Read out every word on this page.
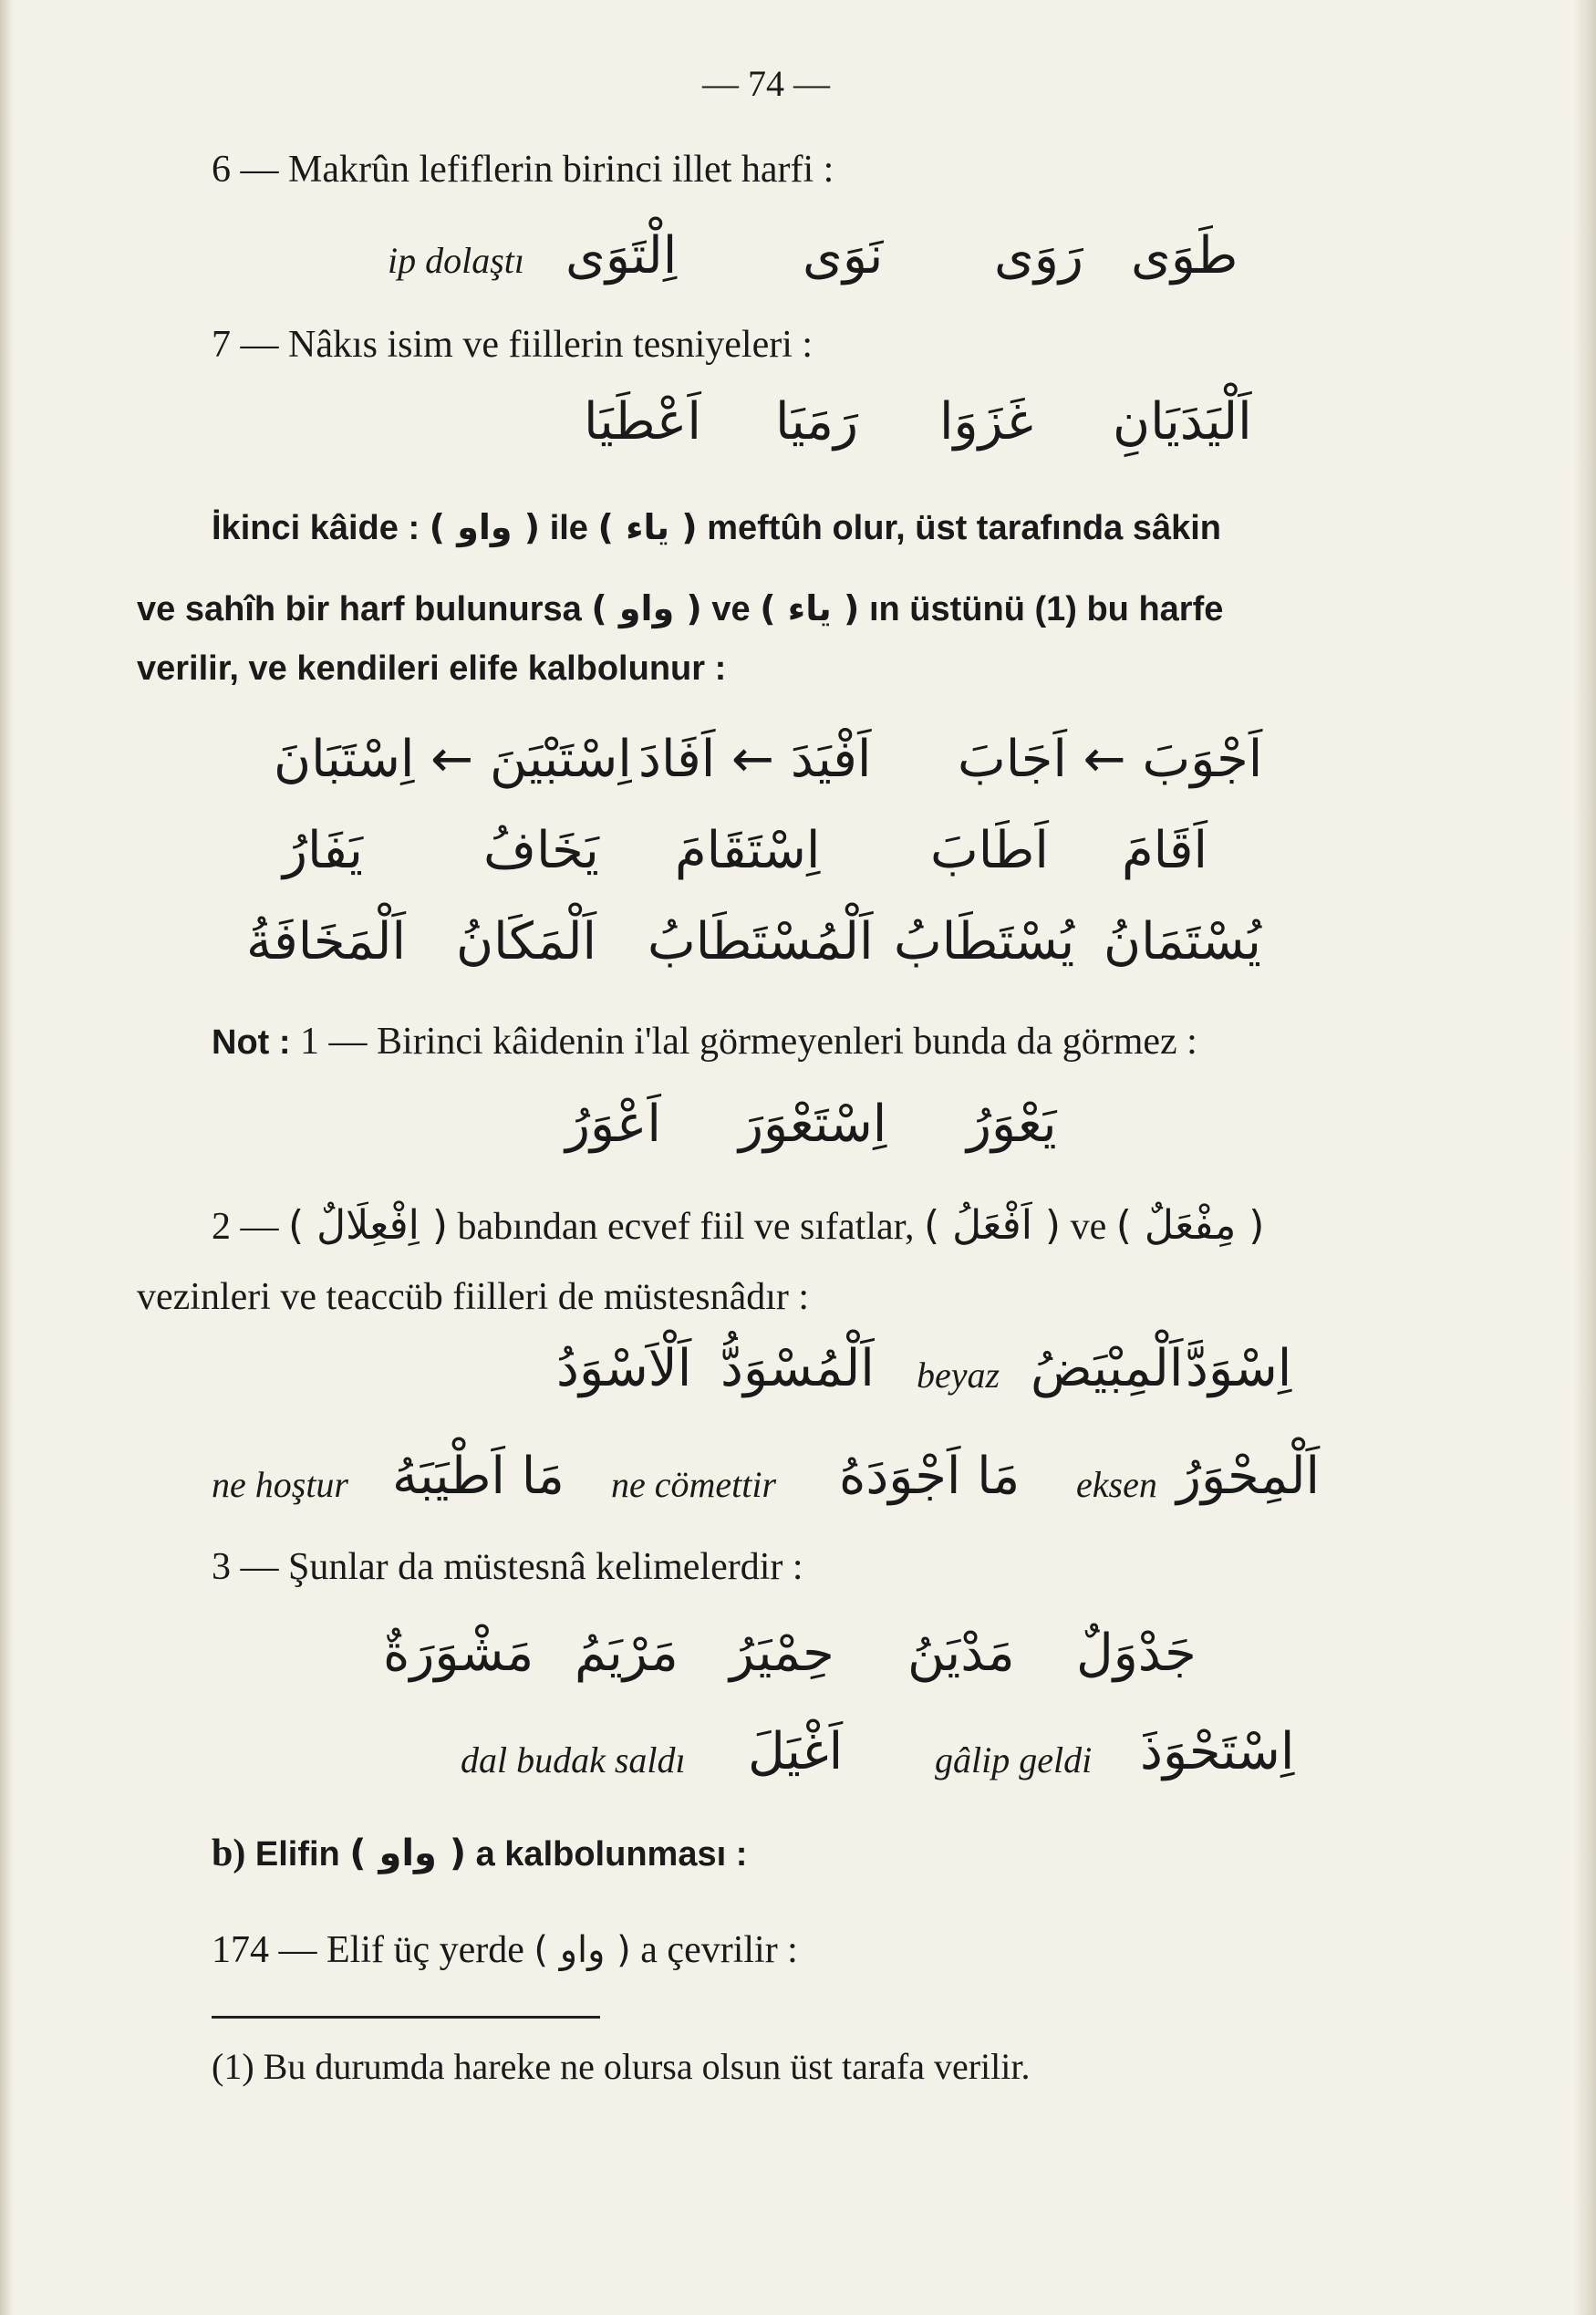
— 74 —
6 — Makrûn lefiflerin birinci illet harfi :
ip dolaştı اِلْتَوَى نَوَى رَوَى طَوَى
7 — Nâkıs isim ve fiillerin tesniyeleri :
اَعْطَيَا رَمَيَا غَزَوَا اَلْيَدَيَانِ
İkinci kâide : ( واو ) ile ( ياء ) meftûh olur, üst tarafında sâkin
ve sahîh bir harf bulunursa ( واو ) ve ( ياء ) ın üstünü (1) bu harfe
verilir, ve kendileri elife kalbolunur :
اِسْتَبْيَنَ ← اِسْتَبَانَ اَفْيَدَ ← اَفَادَ اَجْوَبَ ← اَجَابَ
يَفَارُ يَخَافُ اِسْتَقَامَ اَطَابَ اَقَامَ
اَلْمَخَافَةُ اَلْمَكَانُ اَلْمُسْتَطَابُ يُسْتَطَابُ يُسْتَمَانُ
Not : 1 — Birinci kâidenin i'lal görmeyenleri bunda da görmez :
اَعْوَرُ اِسْتَعْوَرَ يَعْوَرُ
2 — ( اِفْعِلَالٌ ) babından ecvef fiil ve sıfatlar, ( اَفْعَلُ ) ve ( مِفْعَلٌ )
vezinleri ve teaccüb fiilleri de müstesnâdır :
اَلْاَسْوَدُ اَلْمُسْوَدُّ beyaz اَلْمِبْيَضُ اِسْوَدَّ
ne hoştur مَا اَطْيَبَهُ ne cömettir مَا اَجْوَدَهُ eksen اَلْمِحْوَرُ
3 — Şunlar da müstesnâ kelimelerdir :
مَشْوَرَةٌ مَرْيَمُ حِمْيَرُ مَدْيَنُ جَدْوَلٌ
dal budak saldı اَغْيَلَ	gâlip geldi اِسْتَحْوَذَ
b) Elifin ( واو ) a kalbolunması :
174 — Elif üç yerde ( واو ) a çevrilir :
(1) Bu durumda hareke ne olursa olsun üst tarafa verilir.
